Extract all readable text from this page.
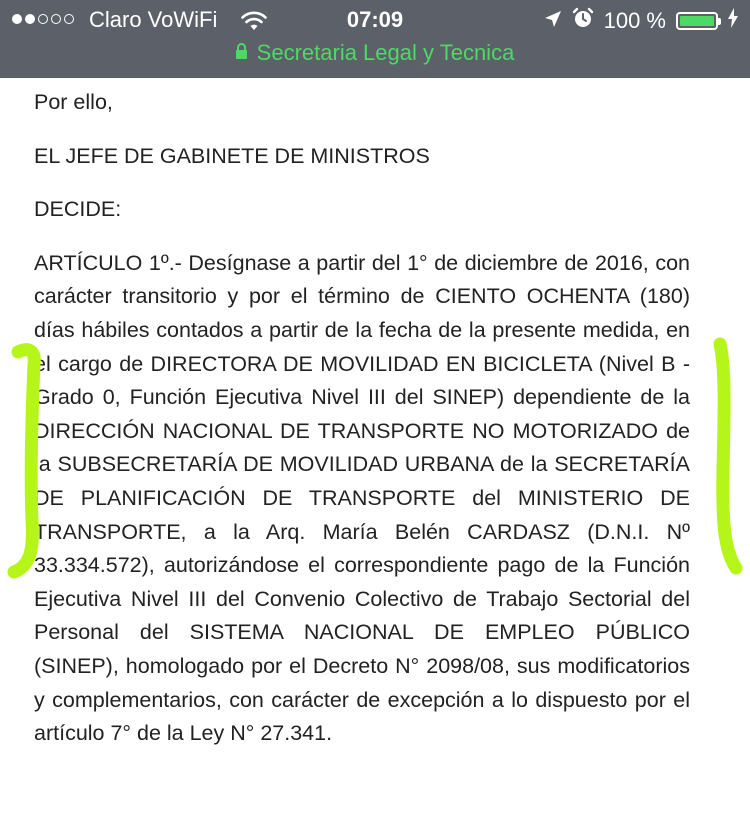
Claro VoWiFi	07:09	100 %
Secretaria Legal y Tecnica

Por ello,

EL JEFE DE GABINETE DE MINISTROS

DECIDE:

ARTÍCULO 1º.- Desígnase a partir del 1° de diciembre de 2016, con carácter transitorio y por el término de CIENTO OCHENTA (180) días hábiles contados a partir de la fecha de la presente medida, en el cargo de DIRECTORA DE MOVILIDAD EN BICICLETA (Nivel B - Grado 0, Función Ejecutiva Nivel III del SINEP) dependiente de la DIRECCIÓN NACIONAL DE TRANSPORTE NO MOTORIZADO de la SUBSECRETARÍA DE MOVILIDAD URBANA de la SECRETARÍA DE PLANIFICACIÓN DE TRANSPORTE del MINISTERIO DE TRANSPORTE, a la Arq. María Belén CARDASZ (D.N.I. Nº 33.334.572), autorizándose el correspondiente pago de la Función Ejecutiva Nivel III del Convenio Colectivo de Trabajo Sectorial del Personal del SISTEMA NACIONAL DE EMPLEO PÚBLICO (SINEP), homologado por el Decreto N° 2098/08, sus modificatorios y complementarios, con carácter de excepción a lo dispuesto por el artículo 7° de la Ley N° 27.341.
